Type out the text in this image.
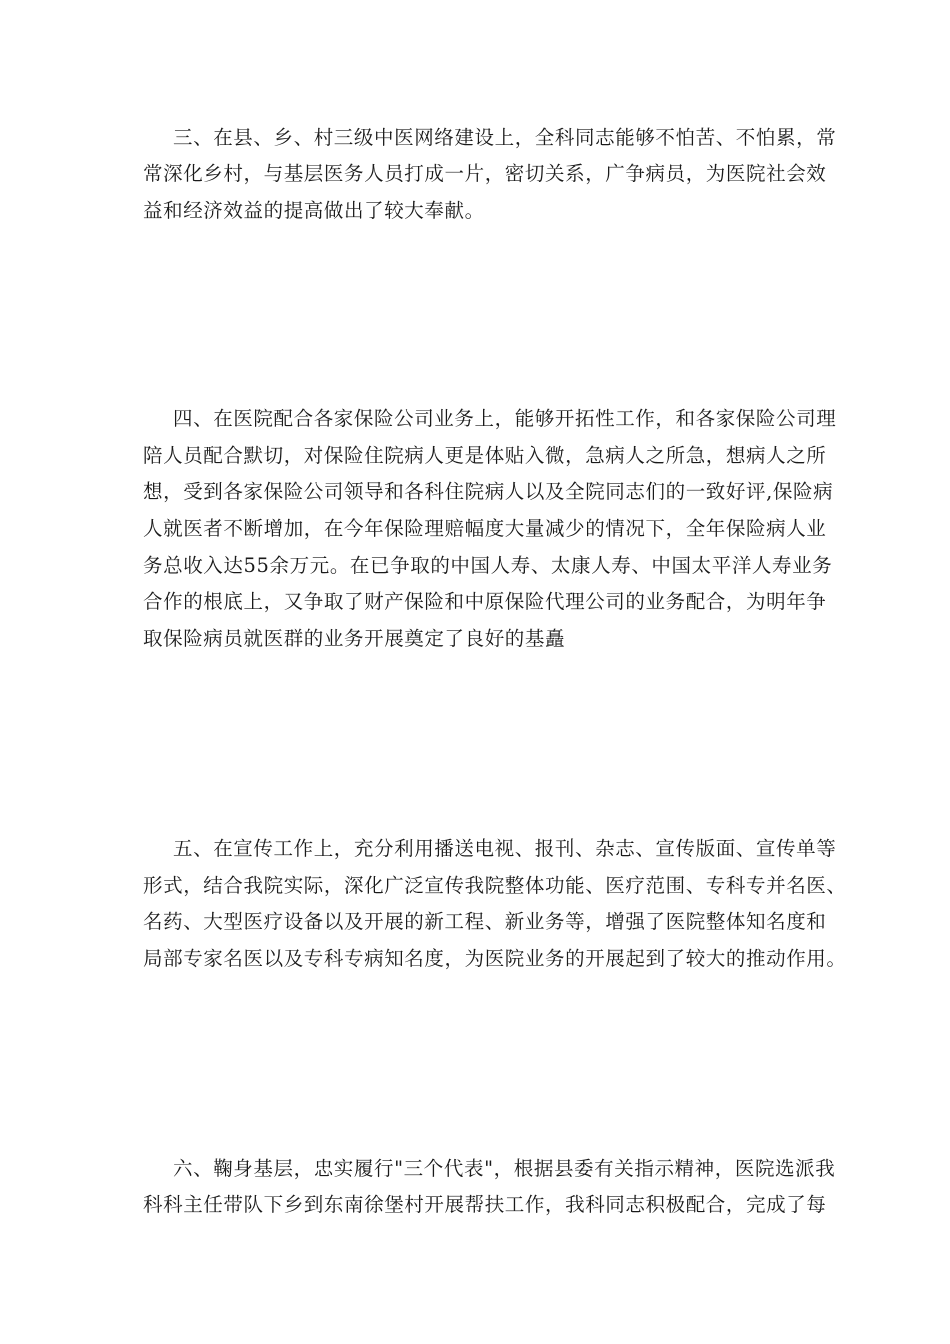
三、在县、乡、村三级中医网络建设上，全科同志能够不怕苦、不怕累，常
常深化乡村，与基层医务人员打成一片，密切关系，广争病员，为医院社会效
益和经济效益的提高做出了较大奉献。
四、在医院配合各家保险公司业务上，能够开拓性工作，和各家保险公司理
陪人员配合默切，对保险住院病人更是体贴入微，急病人之所急，想病人之所
想，受到各家保险公司领导和各科住院病人以及全院同志们的一致好评,保险病
人就医者不断增加，在今年保险理赔幅度大量减少的情况下，全年保险病人业
务总收入达55余万元。在已争取的中国人寿、太康人寿、中国太平洋人寿业务
合作的根底上，又争取了财产保险和中原保险代理公司的业务配合，为明年争
取保险病员就医群的业务开展奠定了良好的基矗
五、在宣传工作上，充分利用播送电视、报刊、杂志、宣传版面、宣传单等
形式，结合我院实际，深化广泛宣传我院整体功能、医疗范围、专科专并名医、
名药、大型医疗设备以及开展的新工程、新业务等，增强了医院整体知名度和
局部专家名医以及专科专病知名度，为医院业务的开展起到了较大的推动作用。
六、鞠身基层，忠实履行"三个代表"，根据县委有关指示精神，医院选派我
科科主任带队下乡到东南徐堡村开展帮扶工作，我科同志积极配合，完成了每
